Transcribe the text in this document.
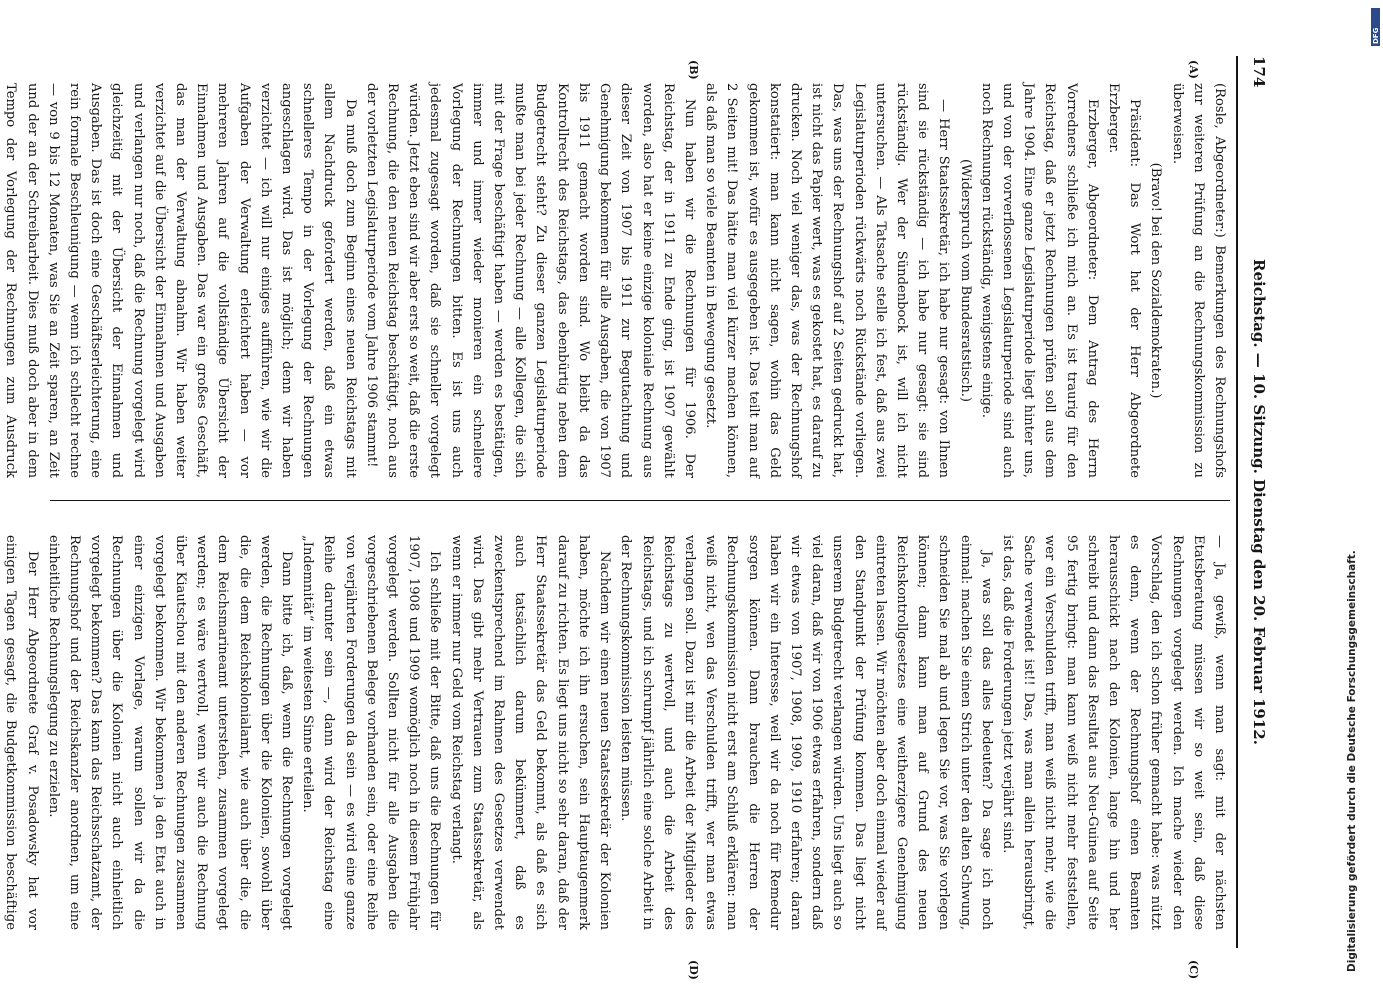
174
Reichstag. — 10. Sitzung. Dienstag den 20. Februar 1912.
(A)
(B)
(C)
(D)

(Rosle, Abgeordneter:) Bemerkungen des Rechnungshofs zur weiteren Prüfung an die Rechnungskommission zu überweisen.

(Bravo! bei den Sozialdemokraten.)

Präsident: Das Wort hat der Herr Abgeordnete Erzberger.

Erzberger, Abgeordneter: Dem Antrag des Herrn Vorredners schließe ich mich an. Es ist traurig für den Reichstag, daß er jetzt Rechnungen prüfen soll aus dem Jahre 1904. Eine ganze Legislaturperiode liegt hinter uns, und von der vorverflossenen Legislaturperiode sind auch noch Rechnungen rückständig, wenigstens einige.

(Widerspruch vom Bundesratstisch.)

— Herr Staatssekretär, ich habe nur gesagt: von Ihnen sind sie rückständig — ich habe nur gesagt: sie sind rückständig. Wer der Sündenbock ist, will ich nicht untersuchen. — Als Tatsache stelle ich fest, daß aus zwei Legislaturperioden rückwärts noch Rückstände vorliegen. Das, was uns der Rechnungshof auf 2 Seiten gedruckt hat, ist nicht das Papier wert, was es gekostet hat, es darauf zu drucken. Noch viel weniger das, was der Rechnungshof konstatiert: man kann nicht sagen, wohin das Geld gekommen ist, wofür es ausgegeben ist. Das teilt man auf 2 Seiten mit! Das hätte man viel kürzer machen können, als daß man so viele Beamten in Bewegung gesetzt.

Nun haben wir die Rechnungen für 1906. Der Reichstag, der in 1911 zu Ende ging, ist 1907 gewählt worden, also hat er keine einzige koloniale Rechnung aus dieser Zeit von 1907 bis 1911 zur Begutachtung und Genehmigung bekommen für alle Ausgaben, die von 1907 bis 1911 gemacht worden sind. Wo bleibt da das Kontrollrecht des Reichstags, das ebenbürtig neben dem Budgetrecht steht? Zu dieser ganzen Legislaturperiode mußte man bei jeder Rechnung — alle Kollegen, die sich mit der Frage beschäftigt haben — werden es bestätigen, immer und immer wieder monieren ein schnellere Vorlegung der Rechnungen bitten. Es ist uns auch jedesmal zugesagt worden, daß sie schneller vorgelegt würden. Jetzt eben sind wir aber erst so weit, daß die erste Rechnung, die den neuen Reichstag beschäftigt, noch aus der vorletzten Legislaturperiode vom Jahre 1906 stammt!

Da muß doch zum Beginn eines neuen Reichstags mit allem Nachdruck gefordert werden, daß ein etwas schnelleres Tempo in der Vorlegung der Rechnungen angeschlagen wird. Das ist möglich; denn wir haben verzichtet — ich will nur einiges aufführen, wie wir die Aufgaben der Verwaltung erleichtert haben — vor mehreren Jahren auf die vollständige Übersicht der Einnahmen und Ausgaben. Das war ein großes Geschäft, das man der Verwaltung abnahm. Wir haben weiter verzichtet auf die Übersicht der Einnahmen und Ausgaben und verlangen nur noch, daß die Rechnung vorgelegt wird gleichzeitig mit der Übersicht der Einnahmen und Ausgaben. Das ist doch eine Geschäftserleichterung, eine rein formale Beschleunigung — wenn ich schlecht rechne — von 9 bis 12 Monaten, was Sie an Zeit sparen, an Zeit und der an der Schreibarbeit. Dies muß doch aber in dem Tempo der Vorlegung der Rechnungen zum Ausdruck

— Ja, gewiß, wenn man sagt: mit der nächsten Etatsberatung müssen wir so weit sein, daß diese Rechnungen vorgelegt werden. Ich mache wieder den Vorschlag, den ich schon früher gemacht habe: was nützt es denn, wenn der Rechnungshof einen Beamten herausschickt nach den Kolonien, lange hin und her schreibt und dann das Resultat aus Neu-Guinea auf Seite 95 fertig bringt: man kann weiß nicht mehr feststellen, wer ein Verschulden trifft, man weiß nicht mehr, wie die Sache verwendet ist!! Das, was man allein herausbringt, ist das, daß die Forderungen jetzt verjährt sind.

Ja, was soll das alles bedeuten? Da sage ich noch einmal: machen Sie einen Strich unter den alten Schwung, schneiden Sie mal ab und legen Sie vor, was Sie vorlegen können; dann kann man auf Grund des neuen Reichskontrollgesetzes eine weitherzigere Genehmigung eintreten lassen. Wir möchten aber doch einmal wieder auf den Standpunkt der Prüfung kommen. Das liegt nicht unserem Budgetrecht verlangen würden. Uns liegt auch so viel daran, daß wir von 1906 etwas erfahren, sondern daß wir etwas von 1907, 1908, 1909, 1910 erfahren; daran haben wir ein Interesse, weil wir da noch für Remedur sorgen können. Dann brauchen die Herren der Rechnungskommission nicht erst am Schluß erklären: man weiß nicht, wen das Verschulden trifft, wer man etwas verlangen soll. Dazu ist mir die Arbeit der Mitglieder des Reichstags zu wertvoll, und auch die Arbeit des Reichstags, und ich schrumpf jährlich eine solche Arbeit in der Rechnungskommission leisten müssen.

Nachdem wir einen neuen Staatssekretär der Kolonien haben, möchte ich ihn ersuchen, sein Hauptaugenmerk darauf zu richten. Es liegt uns nicht so sehr daran, daß der Herr Staatssekretär das Geld bekommt, als daß es sich auch tatsächlich darum bekümmert, daß es zweckentsprechend im Rahmen des Gesetzes verwendet wird. Das gibt mehr Vertrauen zum Staatssekretär, als wenn er immer nur Geld vom Reichstag verlangt.

Ich schließe mit der Bitte, daß uns die Rechnungen für 1907, 1908 und 1909 womöglich noch in diesem Frühjahr vorgelegt werden. Sollten nicht für alle Ausgaben die vorgeschriebenen Belege vorhanden sein, oder eine Reihe von verjährten Forderungen da sein — es wird eine ganze Reihe darunter sein —, dann wird der Reichstag eine „Indemnität“ im weitesten Sinne erteilen.

Dann bitte ich, daß, wenn die Rechnungen vorgelegt werden, die Rechnungen über die Kolonien, sowohl über die, die dem Reichskolonialamt, wie auch über die, die dem Reichsmarineamt unterstehen, zusammen vorgelegt werden; es wäre wertvoll, wenn wir auch die Rechnung über Kiautschou mit den anderen Rechnungen zusammen vorgelegt bekommen. Wir bekommen ja den Etat auch in einer einzigen Vorlage, warum sollen wir da die Rechnungen über die Kolonien nicht auch einheitlich vorgelegt bekommen? Das kann das Reichsschatzamt, der Rechnungshof und der Reichskanzler anordnen, um eine einheitliche Rechnungslegung zu erzielen.

Der Herr Abgeordnete Graf v. Posadowsky hat vor einigen Tagen gesagt, die Budgetkommission beschäftige	Digitalisierung gefördert durch die Deutsche Forschungsgemeinschaft.
DFG
